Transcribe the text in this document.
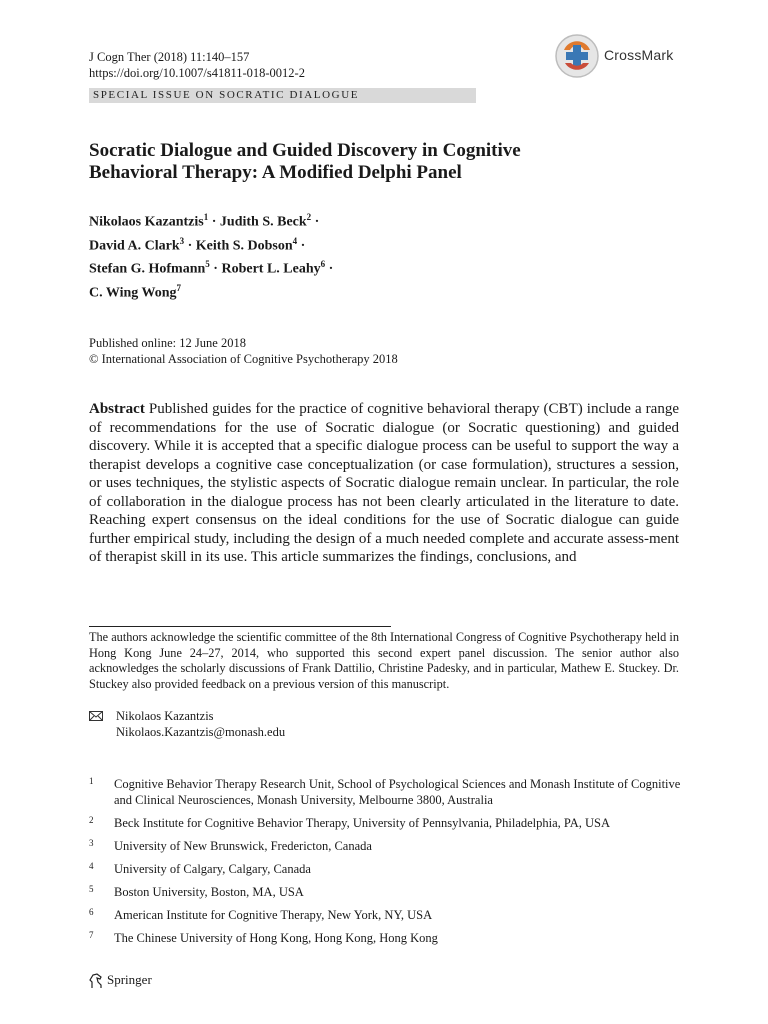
J Cogn Ther (2018) 11:140–157
https://doi.org/10.1007/s41811-018-0012-2
CrossMark
SPECIAL ISSUE ON SOCRATIC DIALOGUE
Socratic Dialogue and Guided Discovery in Cognitive
Behavioral Therapy: A Modified Delphi Panel
Nikolaos Kazantzis$^1$ · Judith S. Beck$^2$ ·
David A. Clark$^3$ · Keith S. Dobson$^4$ ·
Stefan G. Hofmann$^5$ · Robert L. Leahy$^6$ ·
C. Wing Wong$^7$
Published online: 12 June 2018
© International Association of Cognitive Psychotherapy 2018
Abstract Published guides for the practice of cognitive behavioral therapy (CBT) include a range of recommendations for the use of Socratic dialogue (or Socratic questioning) and guided discovery. While it is accepted that a specific dialogue process can be useful to support the way a therapist develops a cognitive case conceptualization (or case formulation), structures a session, or uses techniques, the stylistic aspects of Socratic dialogue remain unclear. In particular, the role of collaboration in the dialogue process has not been clearly articulated in the literature to date. Reaching expert consensus on the ideal conditions for the use of Socratic dialogue can guide further empirical study, including the design of a much needed complete and accurate assess-ment of therapist skill in its use. This article summarizes the findings, conclusions, and
The authors acknowledge the scientific committee of the 8th International Congress of Cognitive Psychotherapy held in Hong Kong June 24–27, 2014, who supported this second expert panel discussion. The senior author also acknowledges the scholarly discussions of Frank Dattilio, Christine Padesky, and in particular, Mathew E. Stuckey. Dr. Stuckey also provided feedback on a previous version of this manuscript.
Nikolaos Kazantzis
Nikolaos.Kazantzis@monash.edu
1 Cognitive Behavior Therapy Research Unit, School of Psychological Sciences and Monash Institute of Cognitive and Clinical Neurosciences, Monash University, Melbourne 3800, Australia
2 Beck Institute for Cognitive Behavior Therapy, University of Pennsylvania, Philadelphia, PA, USA
3 University of New Brunswick, Fredericton, Canada
4 University of Calgary, Calgary, Canada
5 Boston University, Boston, MA, USA
6 American Institute for Cognitive Therapy, New York, NY, USA
7 The Chinese University of Hong Kong, Hong Kong, Hong Kong
Springer
